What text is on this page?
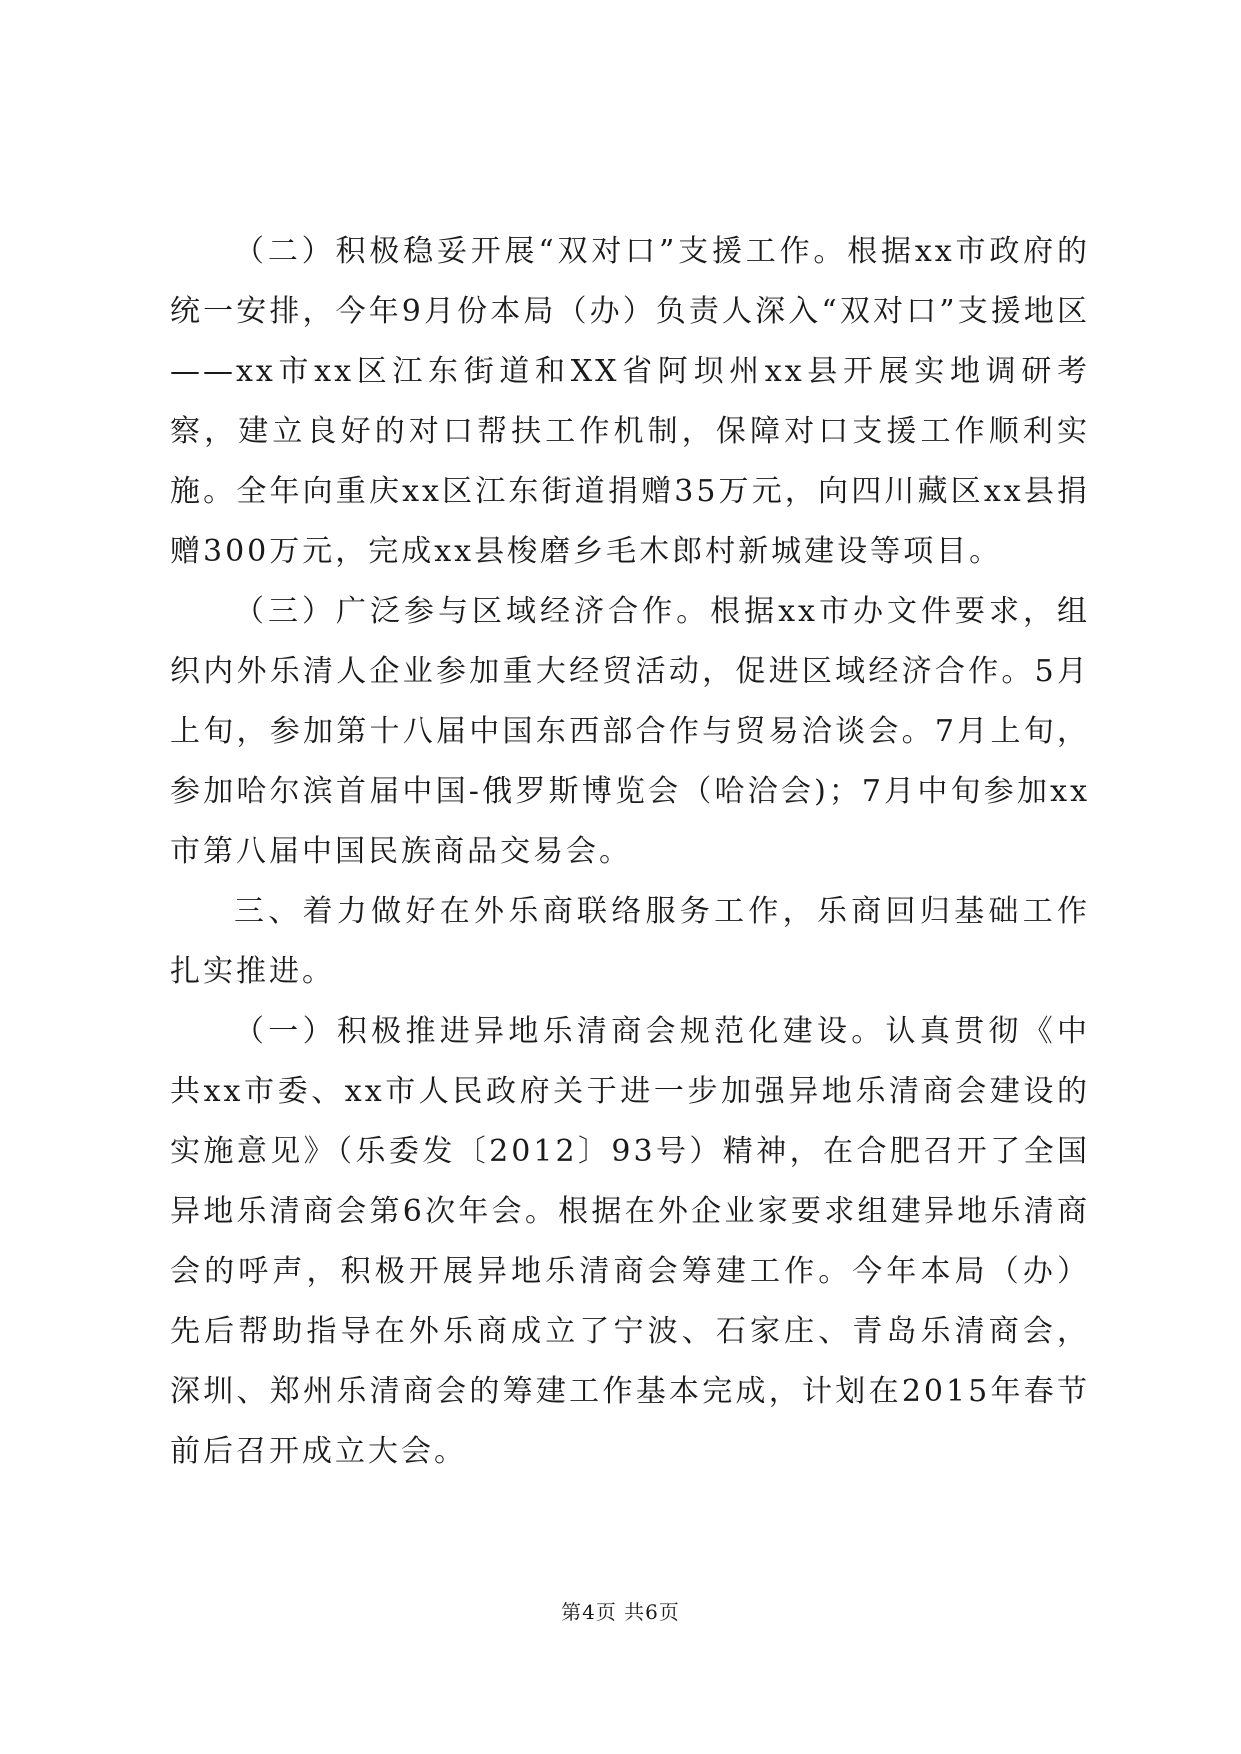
（二）积极稳妥开展“双对口”支援工作。根据xx市政府的统一安排，今年9月份本局（办）负责人深入“双对口”支援地区——xx市xx区江东街道和XX省阿坝州xx县开展实地调研考察，建立良好的对口帮扶工作机制，保障对口支援工作顺利实施。全年向重庆xx区江东街道捐赠35万元，向四川藏区xx县捐赠300万元，完成xx县梭磨乡毛木郎村新城建设等项目。

（三）广泛参与区域经济合作。根据xx市办文件要求，组织内外乐清人企业参加重大经贸活动，促进区域经济合作。5月上旬，参加第十八届中国东西部合作与贸易洽谈会。7月上旬，参加哈尔滨首届中国-俄罗斯博览会（哈洽会)；7月中旬参加xx市第八届中国民族商品交易会。

三、着力做好在外乐商联络服务工作，乐商回归基础工作扎实推进。

（一）积极推进异地乐清商会规范化建设。认真贯彻《中共xx市委、xx市人民政府关于进一步加强异地乐清商会建设的实施意见》（乐委发〔2012〕93号）精神，在合肥召开了全国异地乐清商会第6次年会。根据在外企业家要求组建异地乐清商会的呼声，积极开展异地乐清商会筹建工作。今年本局（办）先后帮助指导在外乐商成立了宁波、石家庄、青岛乐清商会，深圳、郑州乐清商会的筹建工作基本完成，计划在2015年春节前后召开成立大会。

第4页 共6页
